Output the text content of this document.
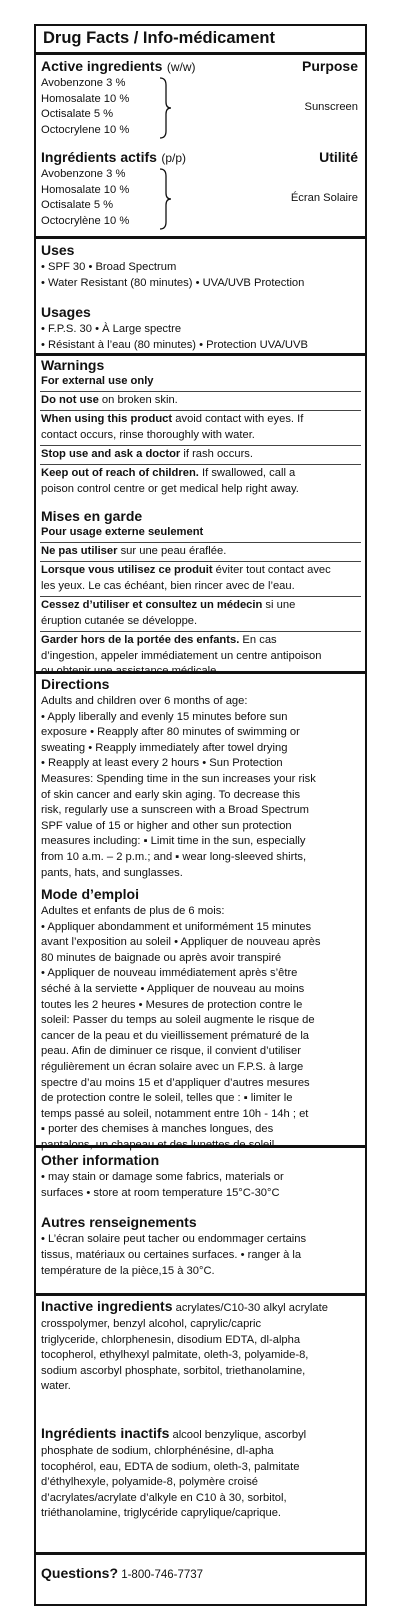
Drug Facts / Info-médicament
Active ingredients (w/w)	Purpose
Avobenzone 3 %
Homosalate 10 %
Octisalate 5 %
Octocrylene 10 %
Sunscreen
Ingrédients actifs (p/p)	Utilité
Avobenzone 3 %
Homosalate 10 %
Octisalate 5 %
Octocrylène 10 %
Écran Solaire
Uses
• SPF 30 • Broad Spectrum
• Water Resistant (80 minutes) • UVA/UVB Protection
Usages
• F.P.S. 30 • À Large spectre
• Résistant à l’eau (80 minutes) • Protection UVA/UVB
Warnings
For external use only
Do not use on broken skin.
When using this product avoid contact with eyes. If
contact occurs, rinse thoroughly with water.
Stop use and ask a doctor if rash occurs.
Keep out of reach of children. If swallowed, call a
poison control centre or get medical help right away.
Mises en garde
Pour usage externe seulement
Ne pas utiliser sur une peau éraflée.
Lorsque vous utilisez ce produit éviter tout contact avec
les yeux. Le cas échéant, bien rincer avec de l’eau.
Cessez d’utiliser et consultez un médecin si une
éruption cutanée se développe.
Garder hors de la portée des enfants. En cas
d’ingestion, appeler immédiatement un centre antipoison
ou obtenir une assistance médicale.
Directions

Adults and children over 6 months of age:

• Apply liberally and evenly 15 minutes before sun

exposure • Reapply after 80 minutes of swimming or

sweating • Reapply immediately after towel drying

• Reapply at least every 2 hours • Sun Protection

Measures: Spending time in the sun increases your risk

of skin cancer and early skin aging. To decrease this

risk, regularly use a sunscreen with a Broad Spectrum

SPF value of 15 or higher and other sun protection

measures including: ▪ Limit time in the sun, especially

from 10 a.m. – 2 p.m.; and ▪ wear long-sleeved shirts,

pants, hats, and sunglasses.

Mode d’emploi

Adultes et enfants de plus de 6 mois:

• Appliquer abondamment et uniformément 15 minutes

avant l’exposition au soleil • Appliquer de nouveau après

80 minutes de baignade ou après avoir transpiré

• Appliquer de nouveau immédiatement après s’être

séché à la serviette • Appliquer de nouveau au moins

toutes les 2 heures • Mesures de protection contre le

soleil: Passer du temps au soleil augmente le risque de

cancer de la peau et du vieillissement prématuré de la

peau. Afin de diminuer ce risque, il convient d’utiliser

régulièrement un écran solaire avec un F.P.S. à large

spectre d’au moins 15 et d’appliquer d’autres mesures

de protection contre le soleil, telles que : ▪ limiter le

temps passé au soleil, notamment entre 10h - 14h ; et

▪ porter des chemises à manches longues, des

pantalons, un chapeau et des lunettes de soleil.

Other information
• may stain or damage some fabrics, materials or
surfaces • store at room temperature 15°C-30°C
Autres renseignements
• L’écran solaire peut tacher ou endommager certains
tissus, matériaux ou certaines surfaces. • ranger à la
température de la pièce,15 à 30°C.
Inactive ingredients acrylates/C10-30 alkyl acrylate

crosspolymer, benzyl alcohol, caprylic/capric

triglyceride, chlorphenesin, disodium EDTA, dl-alpha

tocopherol, ethylhexyl palmitate, oleth-3, polyamide-8,

sodium ascorbyl phosphate, sorbitol, triethanolamine,

water.

Ingrédients inactifs alcool benzylique, ascorbyl

phosphate de sodium, chlorphénésine, dl-apha

tocophérol, eau, EDTA de sodium, oleth-3, palmitate

d’éthylhexyle, polyamide-8, polymère croisé

d’acrylates/acrylate d’alkyle en C10 à 30, sorbitol,

triéthanolamine, triglycéride caprylique/caprique.

Questions? 1-800-746-7737
